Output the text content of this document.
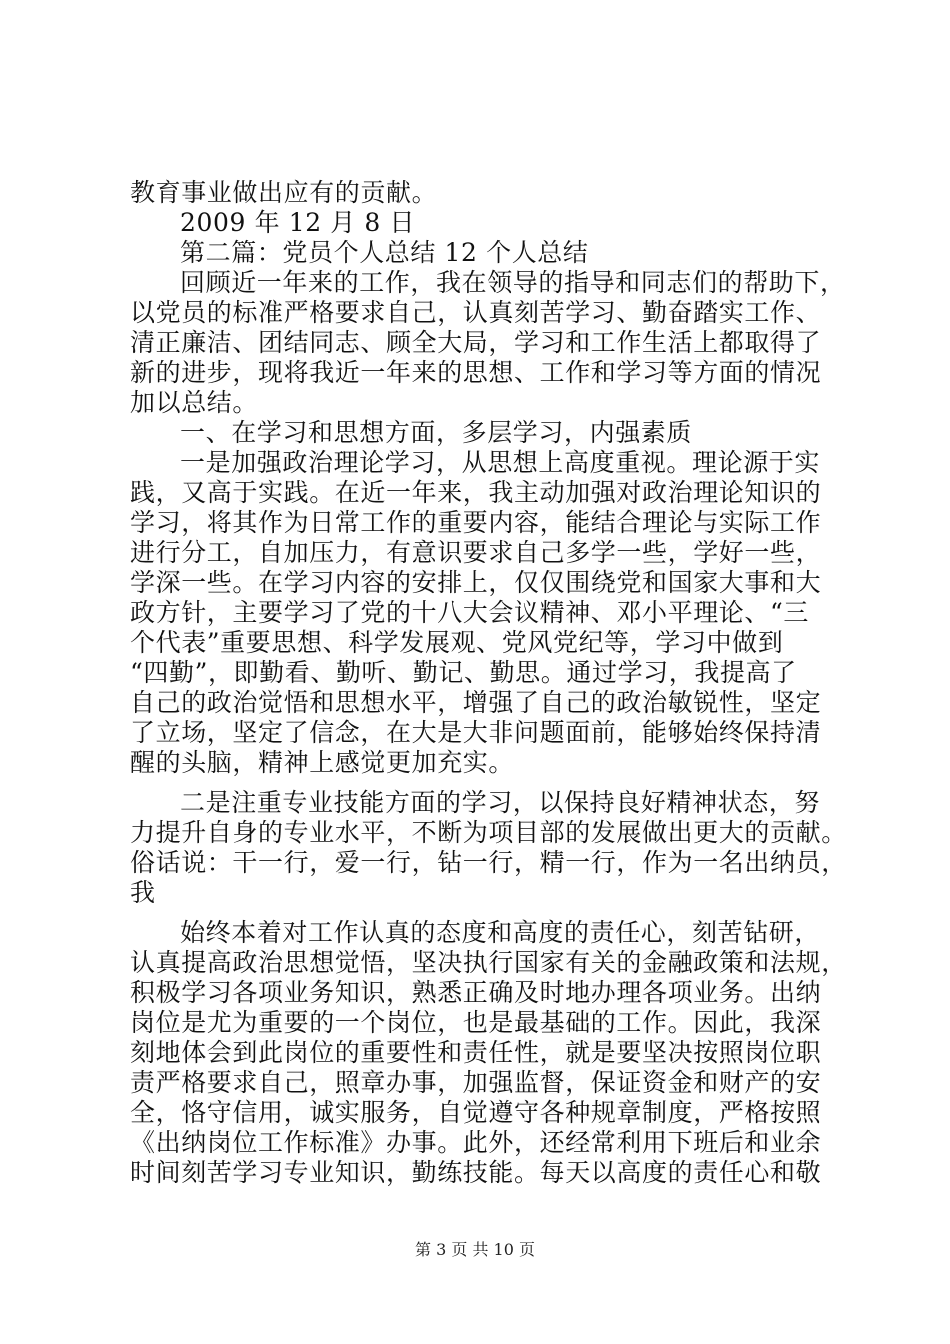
教育事业做出应有的贡献。
2009 年 12 月 8 日
第二篇：党员个人总结 12 个人总结
回顾近一年来的工作，我在领导的指导和同志们的帮助下，
以党员的标准严格要求自己，认真刻苦学习、勤奋踏实工作、
清正廉洁、团结同志、顾全大局，学习和工作生活上都取得了
新的进步，现将我近一年来的思想、工作和学习等方面的情况
加以总结。
一、在学习和思想方面，多层学习，内强素质
一是加强政治理论学习，从思想上高度重视。理论源于实
践，又高于实践。在近一年来，我主动加强对政治理论知识的
学习，将其作为日常工作的重要内容，能结合理论与实际工作
进行分工，自加压力，有意识要求自己多学一些，学好一些，
学深一些。在学习内容的安排上，仅仅围绕党和国家大事和大
政方针，主要学习了党的十八大会议精神、邓小平理论、“三
个代表”重要思想、科学发展观、党风党纪等，学习中做到
“四勤”，即勤看、勤听、勤记、勤思。通过学习，我提高了
自己的政治觉悟和思想水平，增强了自己的政治敏锐性，坚定
了立场，坚定了信念，在大是大非问题面前，能够始终保持清
醒的头脑，精神上感觉更加充实。
二是注重专业技能方面的学习，以保持良好精神状态，努
力提升自身的专业水平，不断为项目部的发展做出更大的贡献。
俗话说：干一行，爱一行，钻一行，精一行，作为一名出纳员，
我
始终本着对工作认真的态度和高度的责任心，刻苦钻研，
认真提高政治思想觉悟，坚决执行国家有关的金融政策和法规，
积极学习各项业务知识，熟悉正确及时地办理各项业务。出纳
岗位是尤为重要的一个岗位，也是最基础的工作。因此，我深
刻地体会到此岗位的重要性和责任性，就是要坚决按照岗位职
责严格要求自己，照章办事，加强监督，保证资金和财产的安
全，恪守信用，诚实服务，自觉遵守各种规章制度，严格按照
《出纳岗位工作标准》办事。此外，还经常利用下班后和业余
时间刻苦学习专业知识，勤练技能。每天以高度的责任心和敬
第 3 页 共 10 页
